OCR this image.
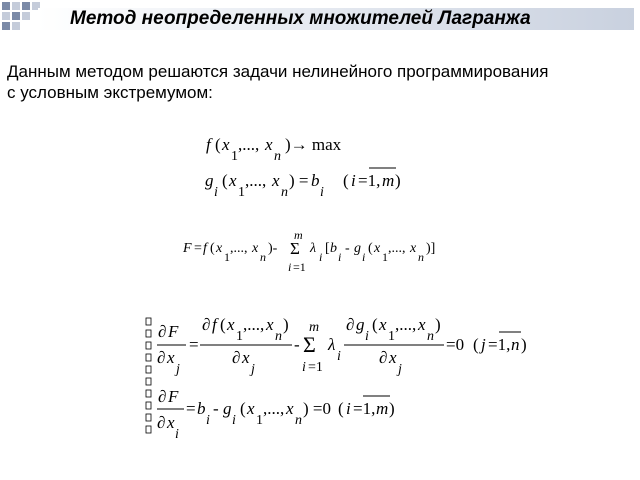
Метод неопределенных множителей Лагранжа
Данным методом решаются задачи нелинейного программирования
с условным экстремумом:
f ( x
1
,..., x
n
)→ max
g
i
( x
1
,..., x
n
) = b
i
( i =1, m )
F = f ( x
1
,..., x
n
)-
m
Σ
i =1
λ
i
[ b
i
- g
i
( x
1
,..., x
n
)]
∂ F
∂ x
j
=
∂ f ( x
1
,..., x
n
)
∂ x
j
-
m
Σ
i =1
λ
i
∂ g
i
( x
1
,..., x
n
)
∂ x
j
=0 ( j =1, n )
∂ F
∂ x
i
= b
i
- g
i
( x
1
,..., x
n
) =0 ( i =1, m )
